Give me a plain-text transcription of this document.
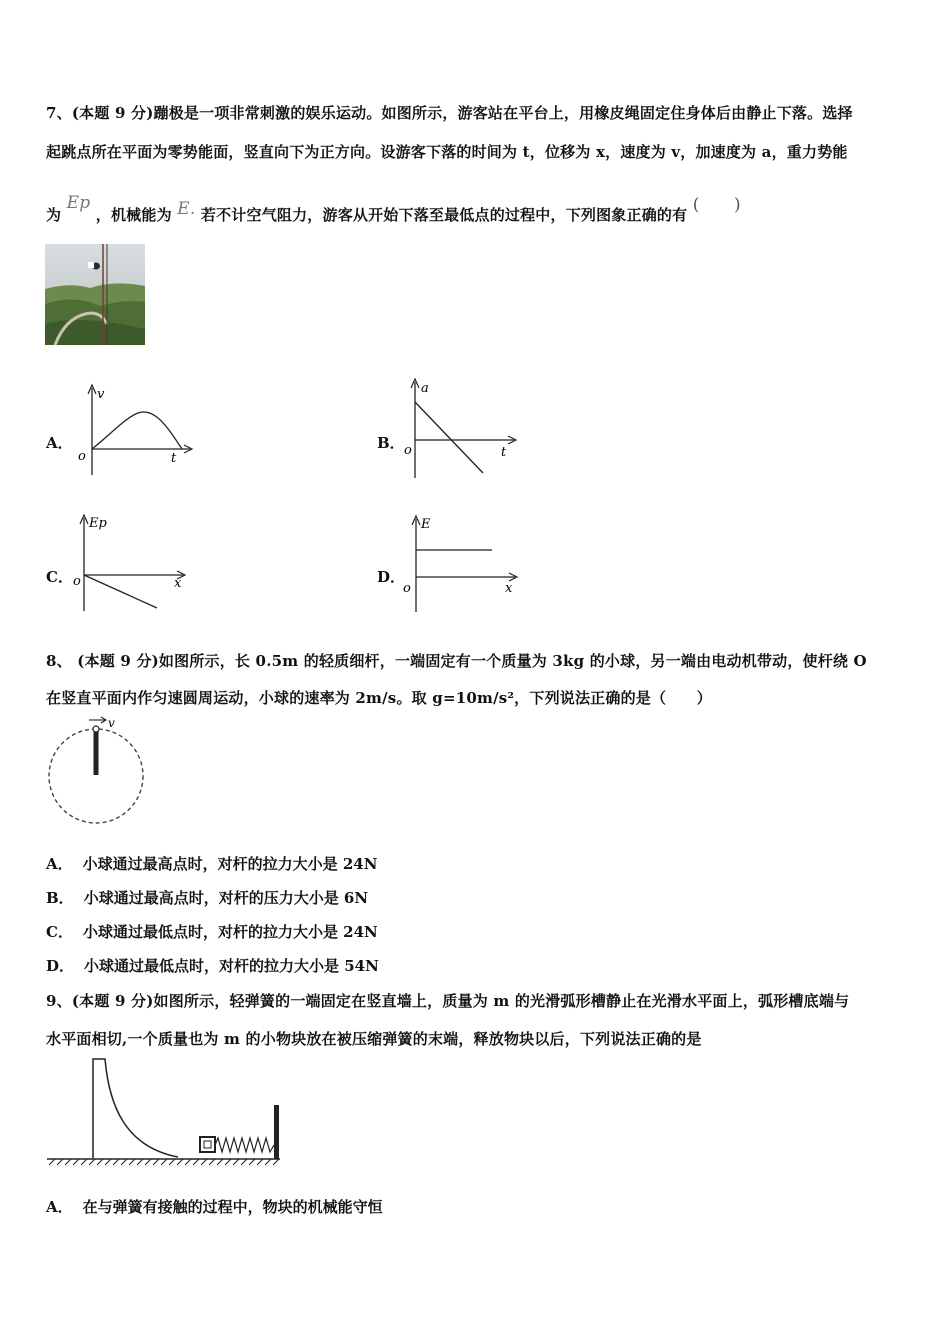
7、(本题 9 分)蹦极是一项非常刺激的娱乐运动。如图所示，游客站在平台上，用橡皮绳固定住身体后由静止下落。选择
起跳点所在平面为零势能面，竖直向下为正方向。设游客下落的时间为 t，位移为 x，速度为 v，加速度为 a，重力势能
为 Ep ，机械能为 E. 若不计空气阻力，游客从开始下落至最低点的过程中，下列图象正确的有 (　　)
A．
v
o	t
B．
a
o	t
C．
Ep
o	x	D．
E
o	x
8、 (本题 9 分)如图所示，长 0.5m 的轻质细杆，一端固定有一个质量为 3kg 的小球，另一端由电动机带动，使杆绕 O
在竖直平面内作匀速圆周运动，小球的速率为 2m/s。取 g=10m/s²，下列说法正确的是（　　）
v
A． 小球通过最高点时，对杆的拉力大小是 24N
B． 小球通过最高点时，对杆的压力大小是 6N
C． 小球通过最低点时，对杆的拉力大小是 24N
D． 小球通过最低点时，对杆的拉力大小是 54N
9、(本题 9 分)如图所示，轻弹簧的一端固定在竖直墙上，质量为 m 的光滑弧形槽静止在光滑水平面上，弧形槽底端与
水平面相切,一个质量也为 m 的小物块放在被压缩弹簧的末端，释放物块以后，下列说法正确的是
A． 在与弹簧有接触的过程中，物块的机械能守恒
